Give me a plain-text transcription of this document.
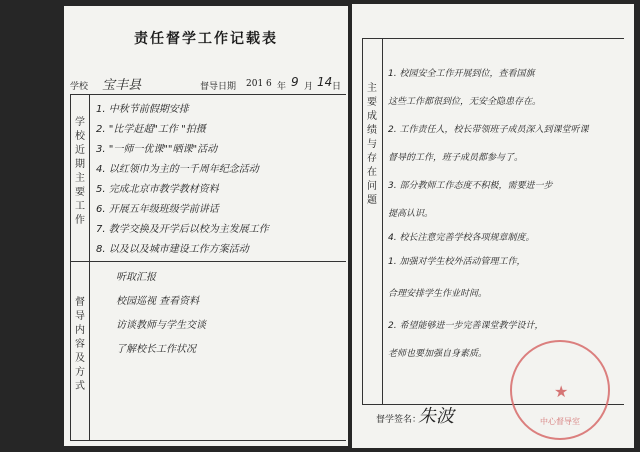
责任督学工作记载表
学校 宝丰县	督导日期 201 6 年 9 月 14 日
学校近期主要工作
督导内容及方式
1. 中秋节前假期安排
2. "比学赶超"工作 "拍摄
3. "一师一优课""晒课"活动
4. 以红领巾为主的一千周年纪念活动
5. 完成北京市教学教材资料
6. 开展五年级班级学前讲话
7. 教学交换及开学后以校为主发展工作
8. 以及以及城市建设工作方案活动
听取汇报
校园巡视 查看资料
访谈教师与学生交谈
了解校长工作状况
主要成绩与存在问题
1. 校园安全工作开展到位，查看国旗
这些工作都很到位，无安全隐患存在。
2. 工作责任人，校长带领班子成员深入到课堂听课
督导的工作，班子成员都参与了。
3. 部分教师工作态度不积极，需要进一步
提高认识。
4. 校长注意完善学校各项规章制度。
1. 加强对学生校外活动管理工作，
合理安排学生作业时间。
2. 希望能够进一步完善课堂教学设计，
老师也要加强自身素质。
督学签名：
朱波
★
中心督导室
